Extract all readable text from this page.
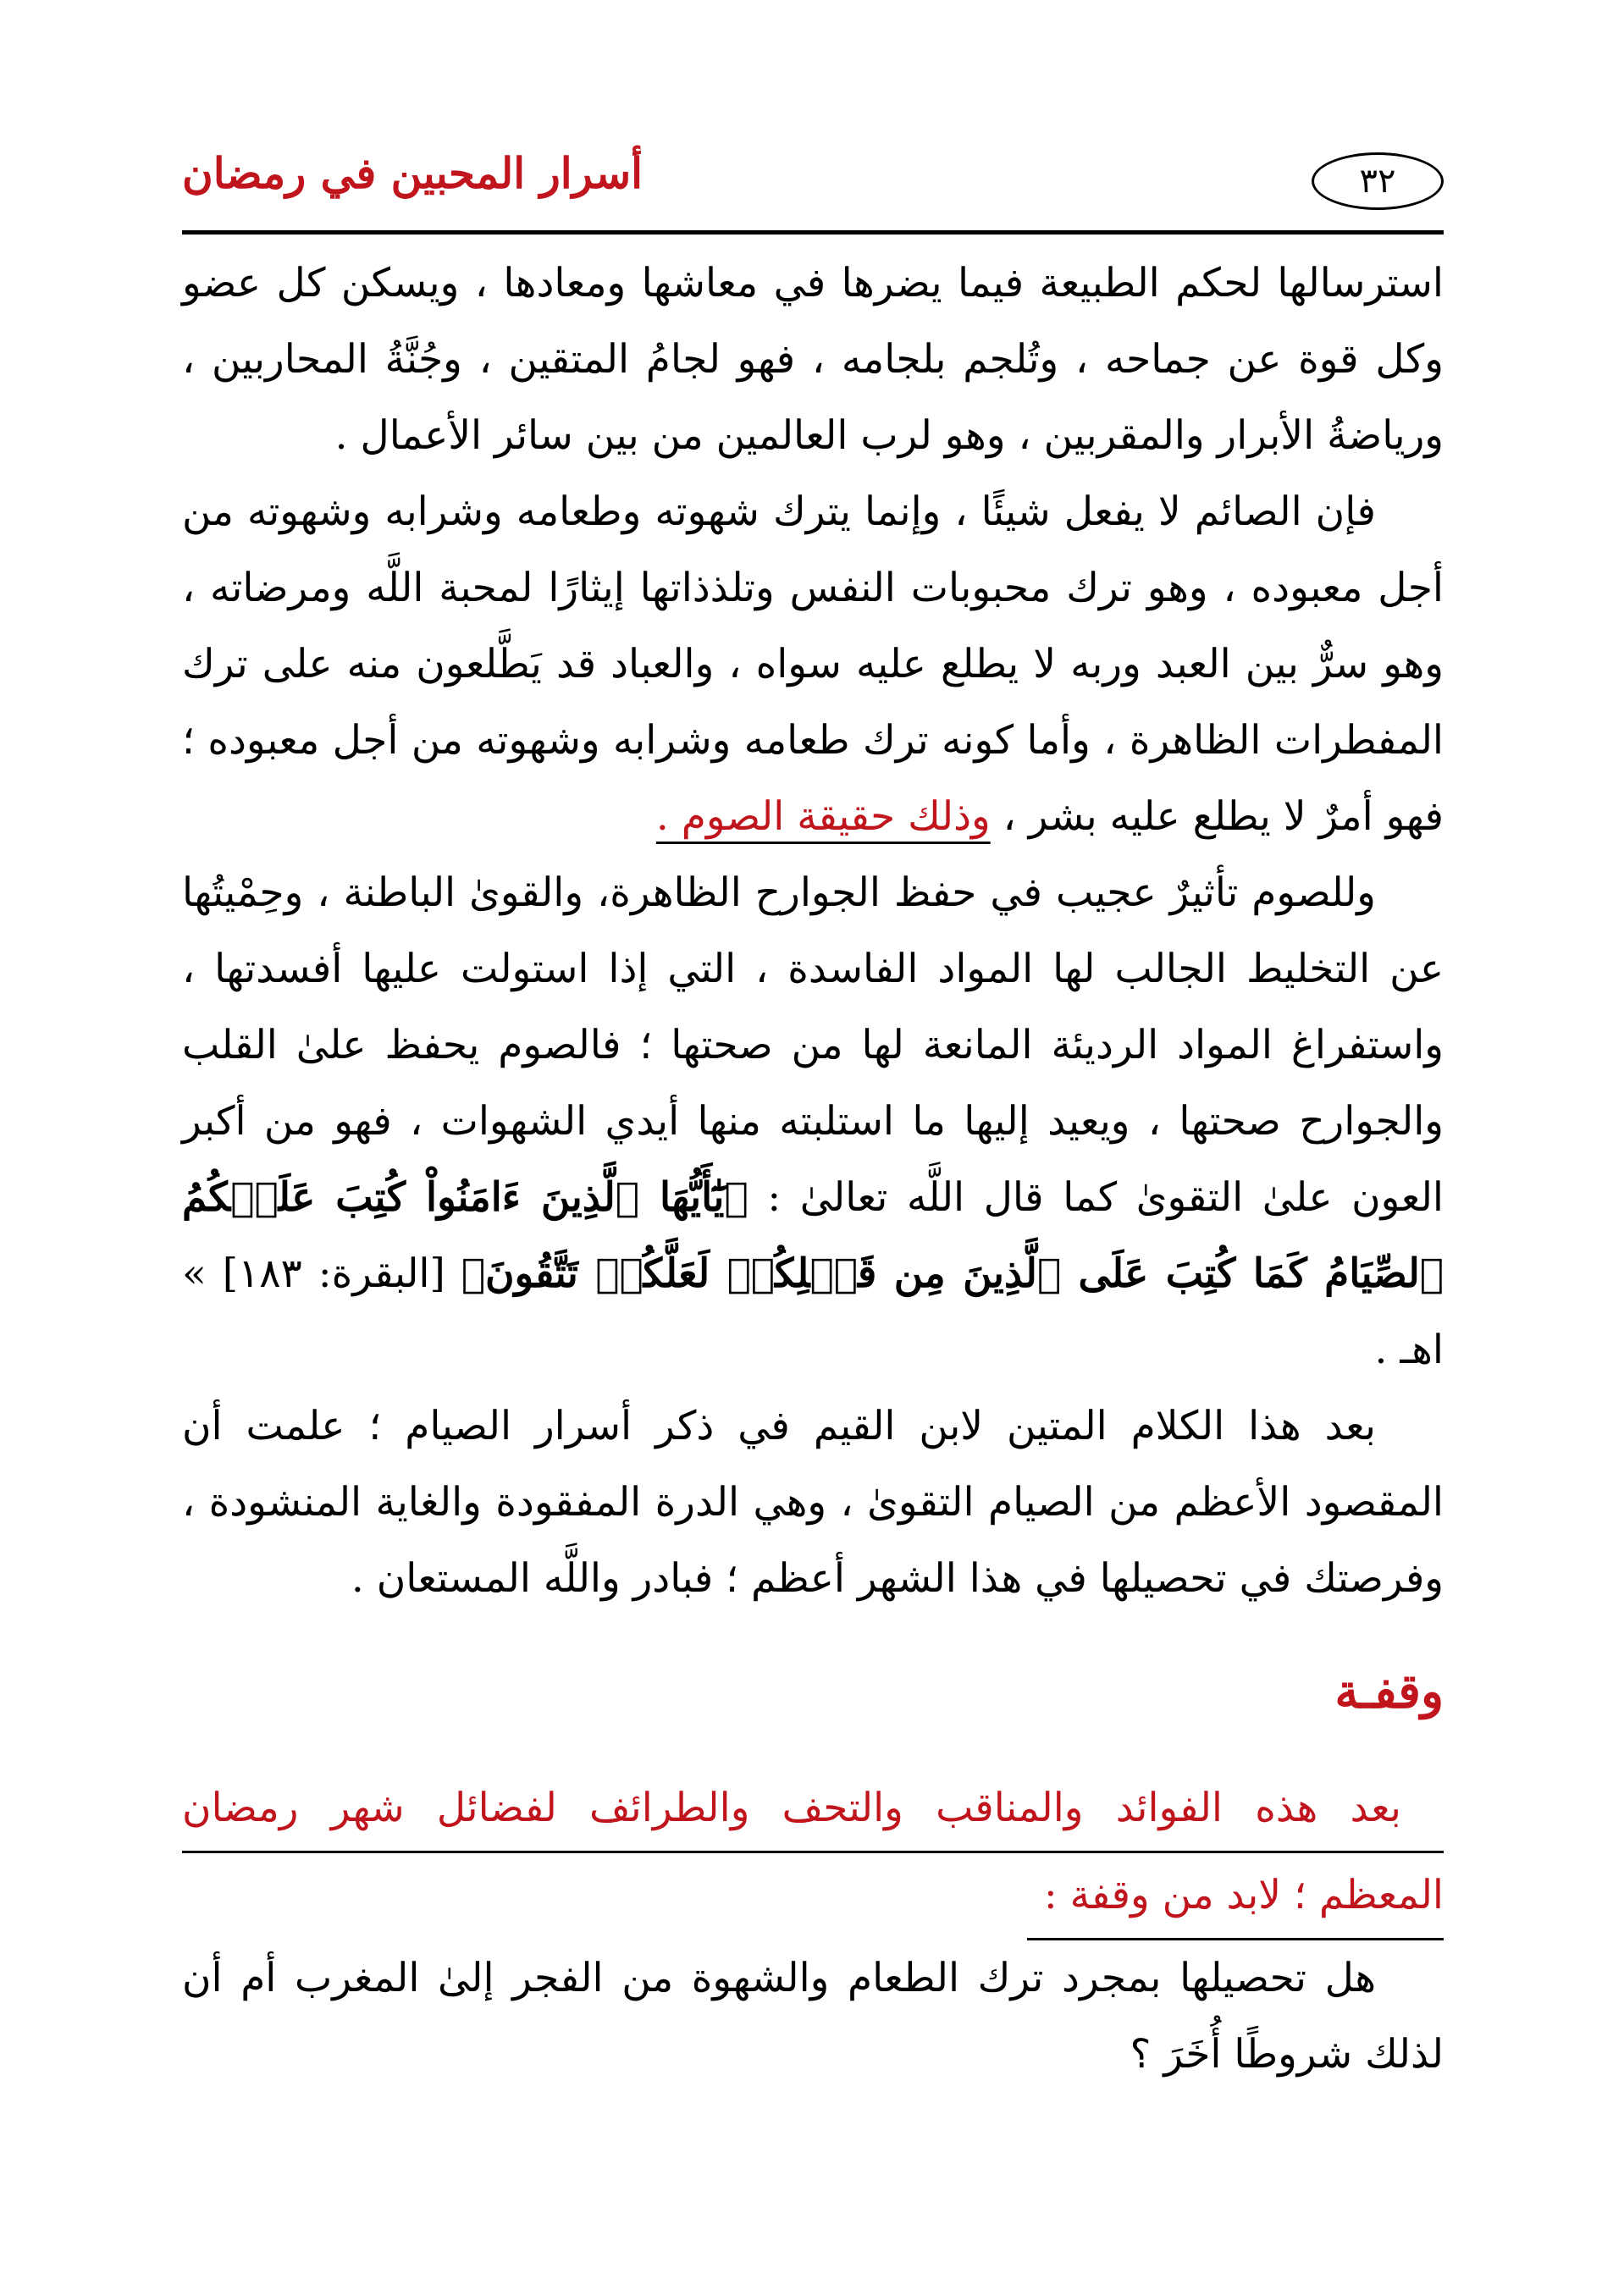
٣٢
أسرار المحبين في رمضان

استرسالها لحكم الطبيعة فيما يضرها في معاشها ومعادها ، ويسكن كل عضو وكل قوة عن جماحه ، وتُلجم بلجامه ، فهو لجامُ المتقين ، وجُنَّةُ المحاربين ، ورياضةُ الأبرار والمقربين ، وهو لرب العالمين من بين سائر الأعمال .

فإن الصائم لا يفعل شيئًا ، وإنما يترك شهوته وطعامه وشرابه وشهوته من أجل معبوده ، وهو ترك محبوبات النفس وتلذذاتها إيثارًا لمحبة اللَّه ومرضاته ، وهو سرٌّ بين العبد وربه لا يطلع عليه سواه ، والعباد قد يَطَّلعون منه على ترك المفطرات الظاهرة ، وأما كونه ترك طعامه وشرابه وشهوته من أجل معبوده ؛ فهو أمرٌ لا يطلع عليه بشر ، وذلك حقيقة الصوم .

وللصوم تأثيرٌ عجيب في حفظ الجوارح الظاهرة، والقوىٰ الباطنة ، وحِمْيتُها عن التخليط الجالب لها المواد الفاسدة ، التي إذا استولت عليها أفسدتها ، واستفراغ المواد الرديئة المانعة لها من صحتها ؛ فالصوم يحفظ علىٰ القلب والجوارح صحتها ، ويعيد إليها ما استلبته منها أيدي الشهوات ، فهو من أكبر العون علىٰ التقوىٰ كما قال اللَّه تعالىٰ : ﴿يَٰٓأَيُّهَا ٱلَّذِينَ ءَامَنُواْ كُتِبَ عَلَيۡكُمُ ٱلصِّيَامُ كَمَا كُتِبَ عَلَى ٱلَّذِينَ مِن قَبۡلِكُمۡ لَعَلَّكُمۡ تَتَّقُونَ﴾ [البقرة: ١٨٣] » اهـ .

بعد هذا الكلام المتين لابن القيم في ذكر أسرار الصيام ؛ علمت أن المقصود الأعظم من الصيام التقوىٰ ، وهي الدرة المفقودة والغاية المنشودة ، وفرصتك في تحصيلها في هذا الشهر أعظم ؛ فبادر واللَّه المستعان .

وقفـة
بعد هذه الفوائد والمناقب والتحف والطرائف لفضائل شهر رمضان
المعظم ؛ لابد من وقفة :

هل تحصيلها بمجرد ترك الطعام والشهوة من الفجر إلىٰ المغرب أم أن لذلك شروطًا أُخَرَ ؟
